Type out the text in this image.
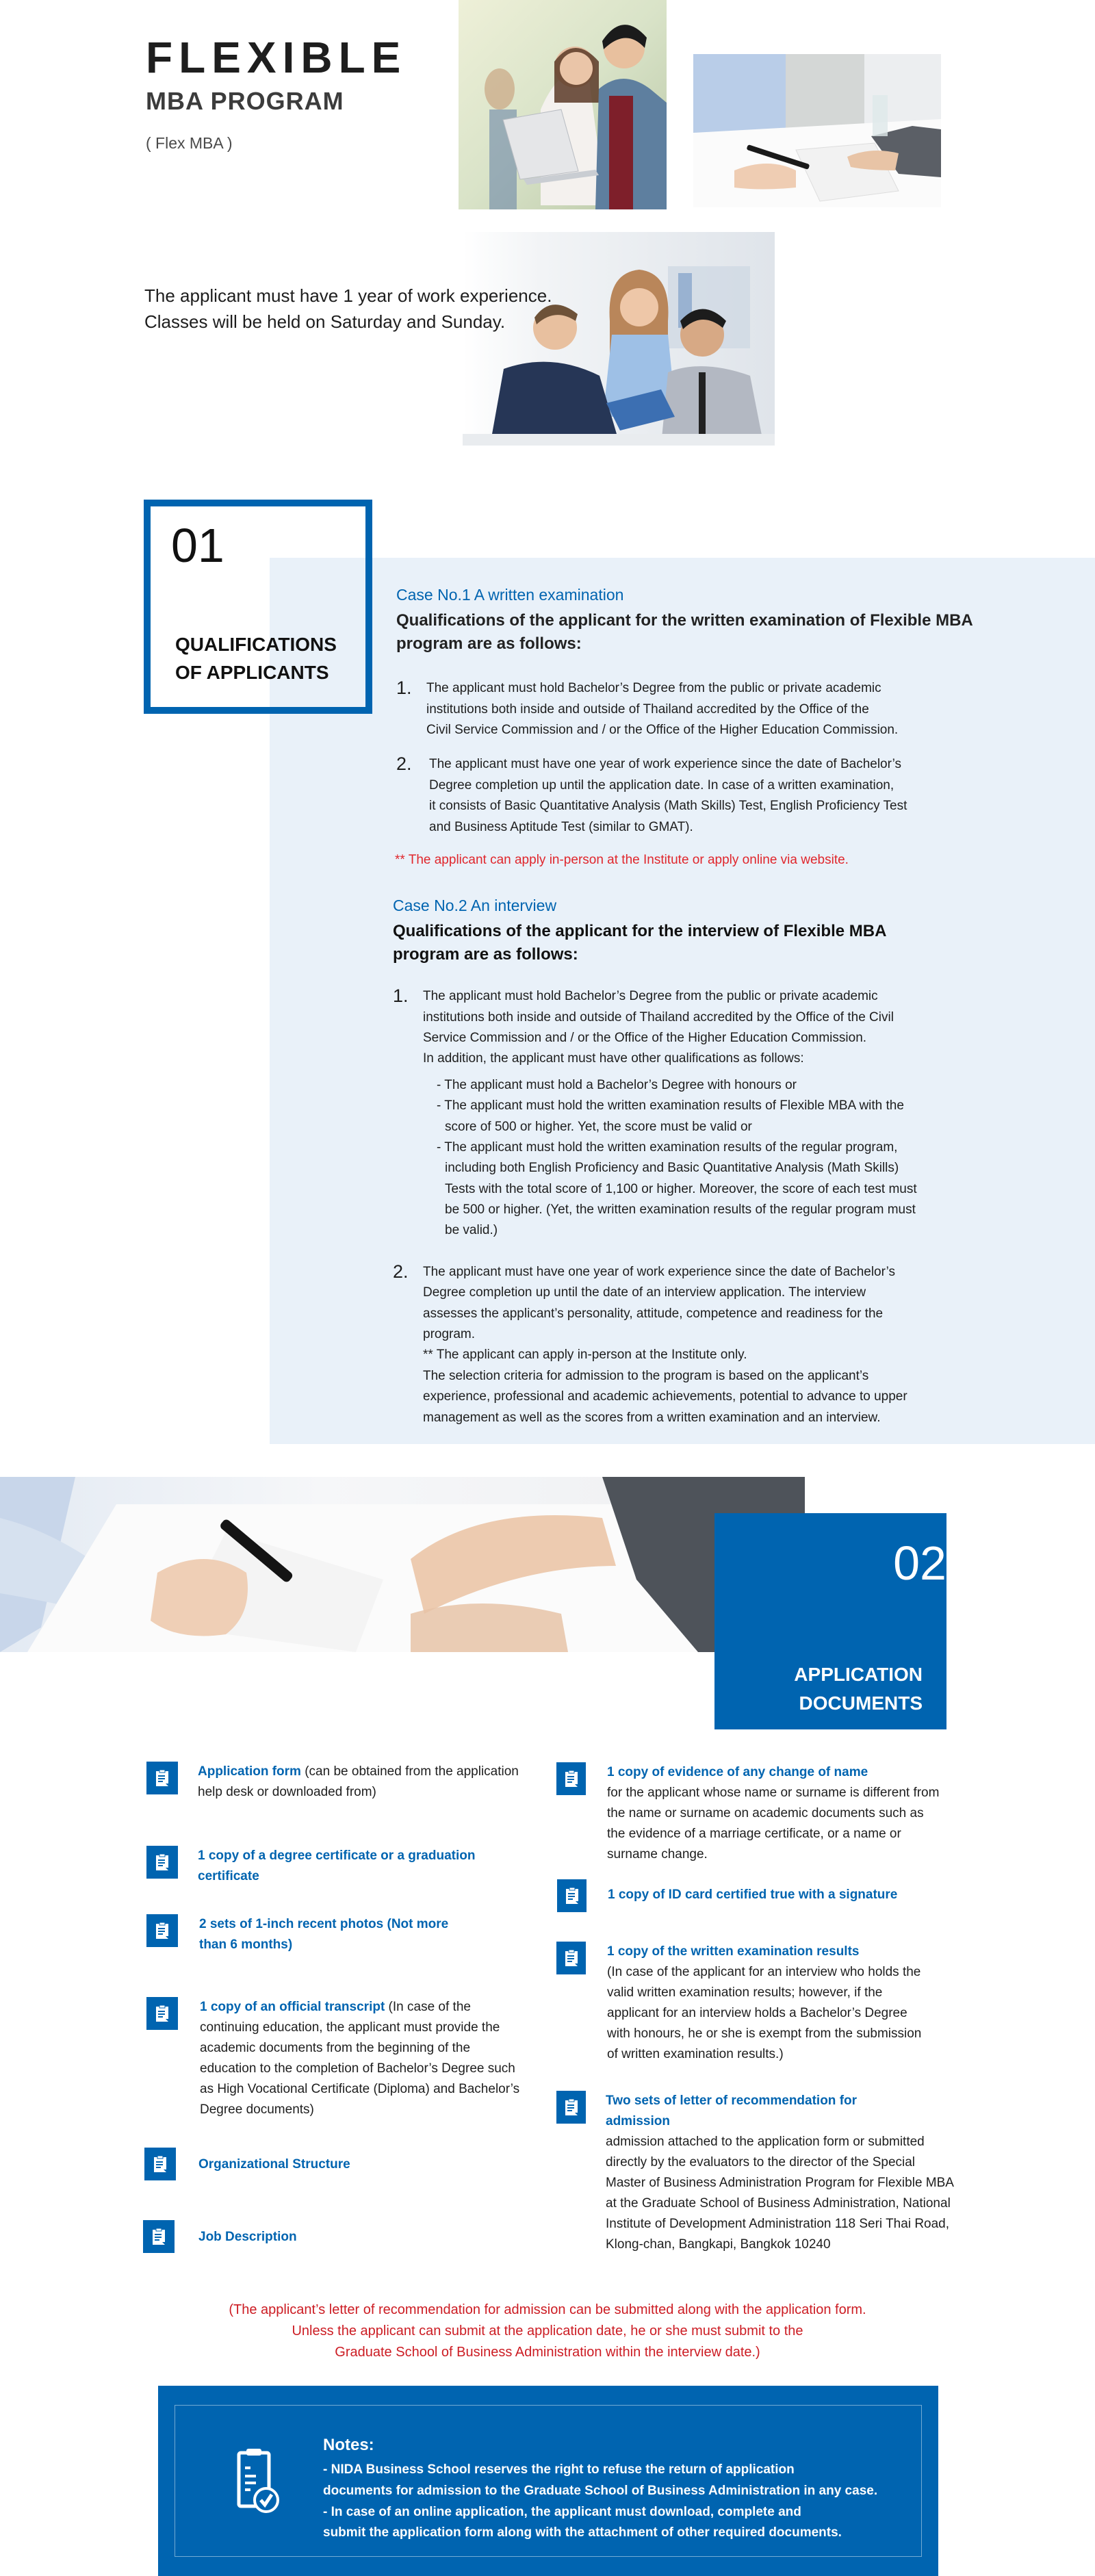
FLEXIBLE
MBA PROGRAM
( Flex MBA )
The applicant must have 1 year of work experience.
Classes will be held on Saturday and Sunday.
01
QUALIFICATIONS
OF APPLICANTS
Case No.1 A written examination
Qualifications of the applicant for the written examination of Flexible MBA
program are as follows:
1.	The applicant must hold Bachelor’s Degree from the public or private academic
institutions both inside and outside of Thailand accredited by the Office of the
Civil Service Commission and / or the Office of the Higher Education Commission.
2.	The applicant must have one year of work experience since the date of Bachelor’s
Degree completion up until the application date. In case of a written examination,
it consists of Basic Quantitative Analysis (Math Skills) Test, English Proficiency Test
and Business Aptitude Test (similar to GMAT).
** The applicant can apply in-person at the Institute or apply online via website.
Case No.2 An interview
Qualifications of the applicant for the interview of Flexible MBA
program are as follows:
1.	The applicant must hold Bachelor’s Degree from the public or private academic
institutions both inside and outside of Thailand accredited by the Office of the Civil
Service Commission and / or the Office of the Higher Education Commission.
In addition, the applicant must have other qualifications as follows:
- The applicant must hold a Bachelor’s Degree with honours or
- The applicant must hold the written examination results of Flexible MBA with the score of 500 or higher. Yet, the score must be valid or
- The applicant must hold the written examination results of the regular program, including both English Proficiency and Basic Quantitative Analysis (Math Skills) Tests with the total score of 1,100 or higher. Moreover, the score of each test must be 500 or higher. (Yet, the written examination results of the regular program must be valid.)
2.	The applicant must have one year of work experience since the date of Bachelor’s
Degree completion up until the date of an interview application. The interview
assesses the applicant’s personality, attitude, competence and readiness for the
program.
** The applicant can apply in-person at the Institute only.
The selection criteria for admission to the program is based on the applicant’s
experience, professional and academic achievements, potential to advance to upper
management as well as the scores from a written examination and an interview.
02
APPLICATION
DOCUMENTS
Application form (can be obtained from the application help desk or downloaded from)
1 copy of a degree certificate or a graduation certificate
2 sets of 1-inch recent photos (Not more than 6 months)
1 copy of an official transcript (In case of the continuing education, the applicant must provide the academic documents from the beginning of the education to the completion of Bachelor’s Degree such as High Vocational Certificate (Diploma) and Bachelor’s Degree documents)
Organizational Structure
Job Description
1 copy of evidence of any change of name
for the applicant whose name or surname is different from the name or surname on academic documents such as the evidence of a marriage certificate, or a name or surname change.
1 copy of ID card certified true with a signature
1 copy of the written examination results
(In case of the applicant for an interview who holds the valid written examination results; however, if the applicant for an interview holds a Bachelor’s Degree with honours, he or she is exempt from the submission of written examination results.)
Two sets of letter of recommendation for admission
admission attached to the application form or submitted directly by the evaluators to the director of the Special Master of Business Administration Program for Flexible MBA at the Graduate School of Business Administration, National Institute of Development Administration 118 Seri Thai Road, Klong-chan, Bangkapi, Bangkok 10240
(The applicant’s letter of recommendation for admission can be submitted along with the application form.
Unless the applicant can submit at the application date, he or she must submit to the
Graduate School of Business Administration within the interview date.)
Notes:
- NIDA Business School reserves the right to refuse the return of application
documents for admission to the Graduate School of Business Administration in any case.
- In case of an online application, the applicant must download, complete and
submit the application form along with the attachment of other required documents.
